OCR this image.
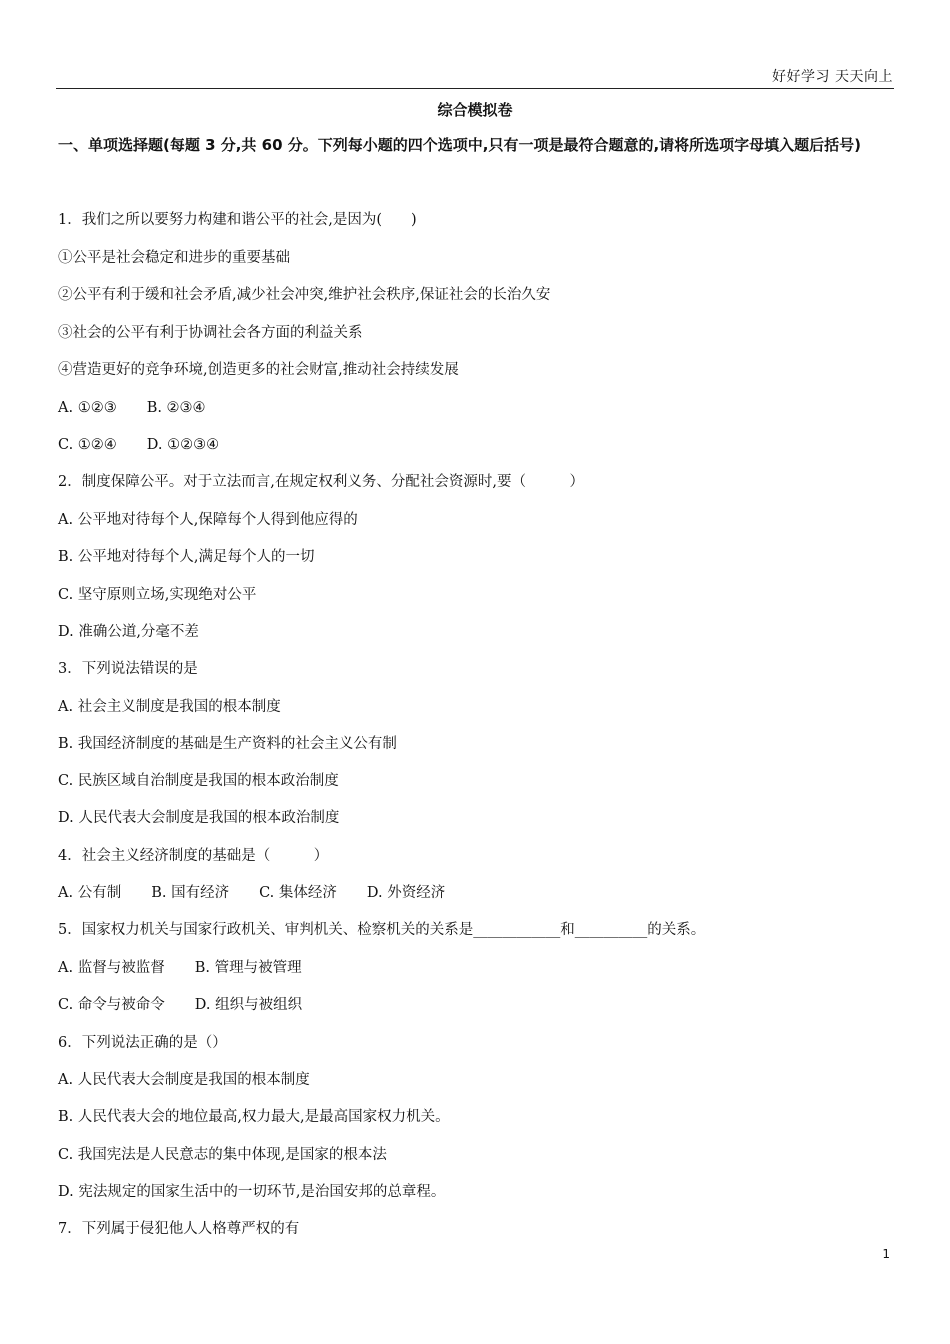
好好学习 天天向上
综合模拟卷
一、单项选择题(每题 3 分,共 60 分。下列每小题的四个选项中,只有一项是最符合题意的,请将所选项字母填入题后括号)
1．我们之所以要努力构建和谐公平的社会,是因为(　　)
①公平是社会稳定和进步的重要基础
②公平有利于缓和社会矛盾,减少社会冲突,维护社会秩序,保证社会的长治久安
③社会的公平有利于协调社会各方面的利益关系
④营造更好的竞争环境,创造更多的社会财富,推动社会持续发展
A. ①②③ B. ②③④
C. ①②④ D. ①②③④
2．制度保障公平。对于立法而言,在规定权利义务、分配社会资源时,要（　　　）
A. 公平地对待每个人,保障每个人得到他应得的
B. 公平地对待每个人,满足每个人的一切
C. 坚守原则立场,实现绝对公平
D. 准确公道,分毫不差
3．下列说法错误的是
A. 社会主义制度是我国的根本制度
B. 我国经济制度的基础是生产资料的社会主义公有制
C. 民族区域自治制度是我国的根本政治制度
D. 人民代表大会制度是我国的根本政治制度
4．社会主义经济制度的基础是（　　　）
A. 公有制 B. 国有经济 C. 集体经济 D. 外资经济
5．国家权力机关与国家行政机关、审判机关、检察机关的关系是____________和__________的关系。
A. 监督与被监督 B. 管理与被管理
C. 命令与被命令 D. 组织与被组织
6．下列说法正确的是（）
A. 人民代表大会制度是我国的根本制度
B. 人民代表大会的地位最高,权力最大,是最高国家权力机关。
C. 我国宪法是人民意志的集中体现,是国家的根本法
D. 宪法规定的国家生活中的一切环节,是治国安邦的总章程。
7．下列属于侵犯他人人格尊严权的有
1
